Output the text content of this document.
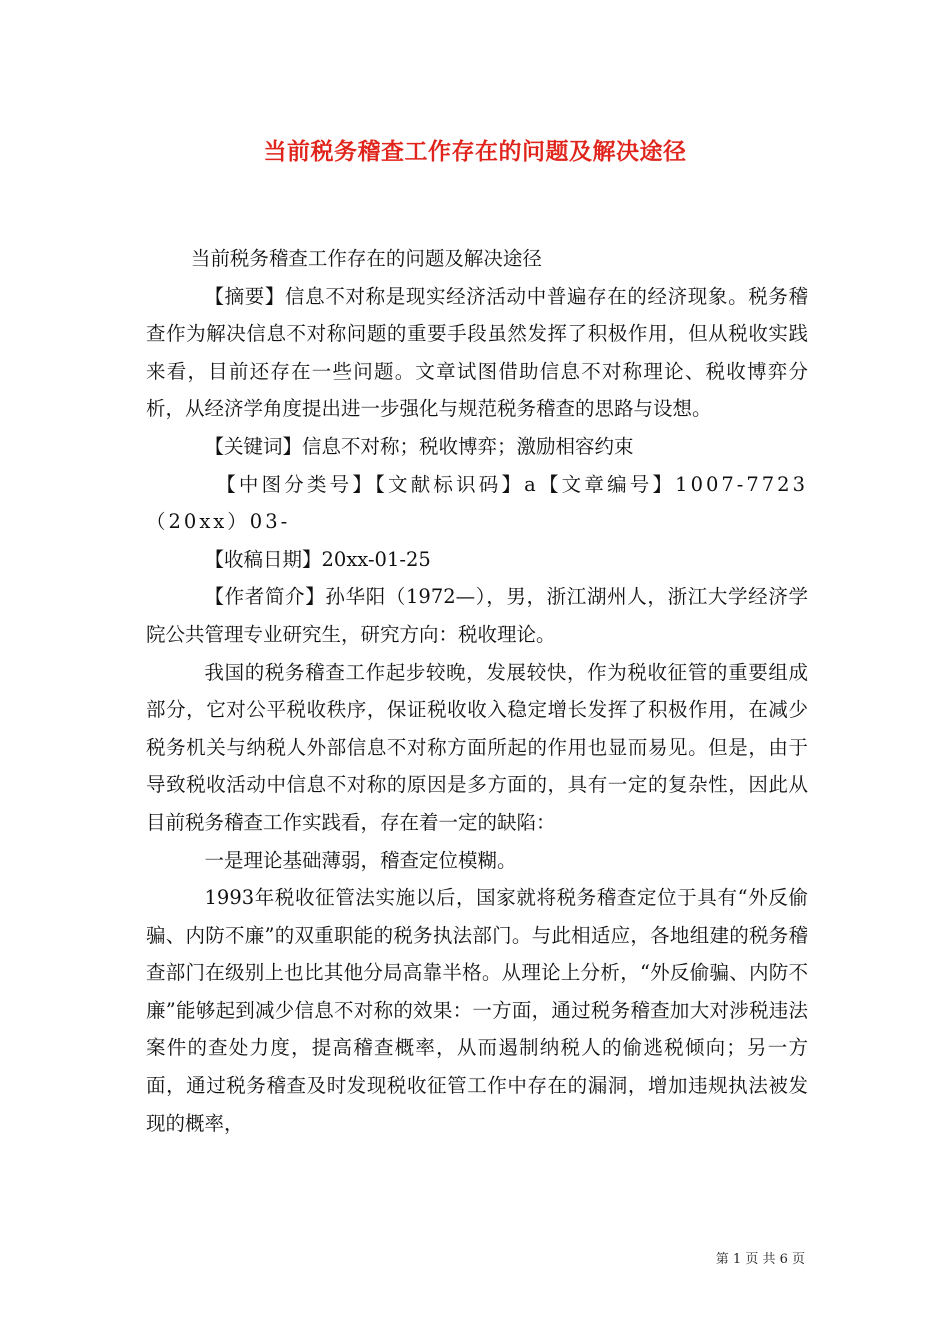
当前税务稽查工作存在的问题及解决途径

当前税务稽查工作存在的问题及解决途径

【摘要】信息不对称是现实经济活动中普遍存在的经济现象。税务稽查作为解决信息不对称问题的重要手段虽然发挥了积极作用，但从税收实践来看，目前还存在一些问题。文章试图借助信息不对称理论、税收博弈分析，从经济学角度提出进一步强化与规范税务稽查的思路与设想。

【关键词】信息不对称；税收博弈；激励相容约束

【中图分类号】【文献标识码】a【文章编号】1007-7723（20xx）03-

【收稿日期】20xx-01-25

【作者简介】孙华阳（1972—），男，浙江湖州人，浙江大学经济学院公共管理专业研究生，研究方向：税收理论。

我国的税务稽查工作起步较晚，发展较快，作为税收征管的重要组成部分，它对公平税收秩序，保证税收收入稳定增长发挥了积极作用，在减少税务机关与纳税人外部信息不对称方面所起的作用也显而易见。但是，由于导致税收活动中信息不对称的原因是多方面的，具有一定的复杂性，因此从目前税务稽查工作实践看，存在着一定的缺陷：

一是理论基础薄弱，稽查定位模糊。

1993年税收征管法实施以后，国家就将税务稽查定位于具有“外反偷骗、内防不廉”的双重职能的税务执法部门。与此相适应，各地组建的税务稽查部门在级别上也比其他分局高靠半格。从理论上分析，“外反偷骗、内防不廉”能够起到减少信息不对称的效果：一方面，通过税务稽查加大对涉税违法案件的查处力度，提高稽查概率，从而遏制纳税人的偷逃税倾向；另一方面，通过税务稽查及时发现税收征管工作中存在的漏洞，增加违规执法被发现的概率，

第 1 页 共 6 页
